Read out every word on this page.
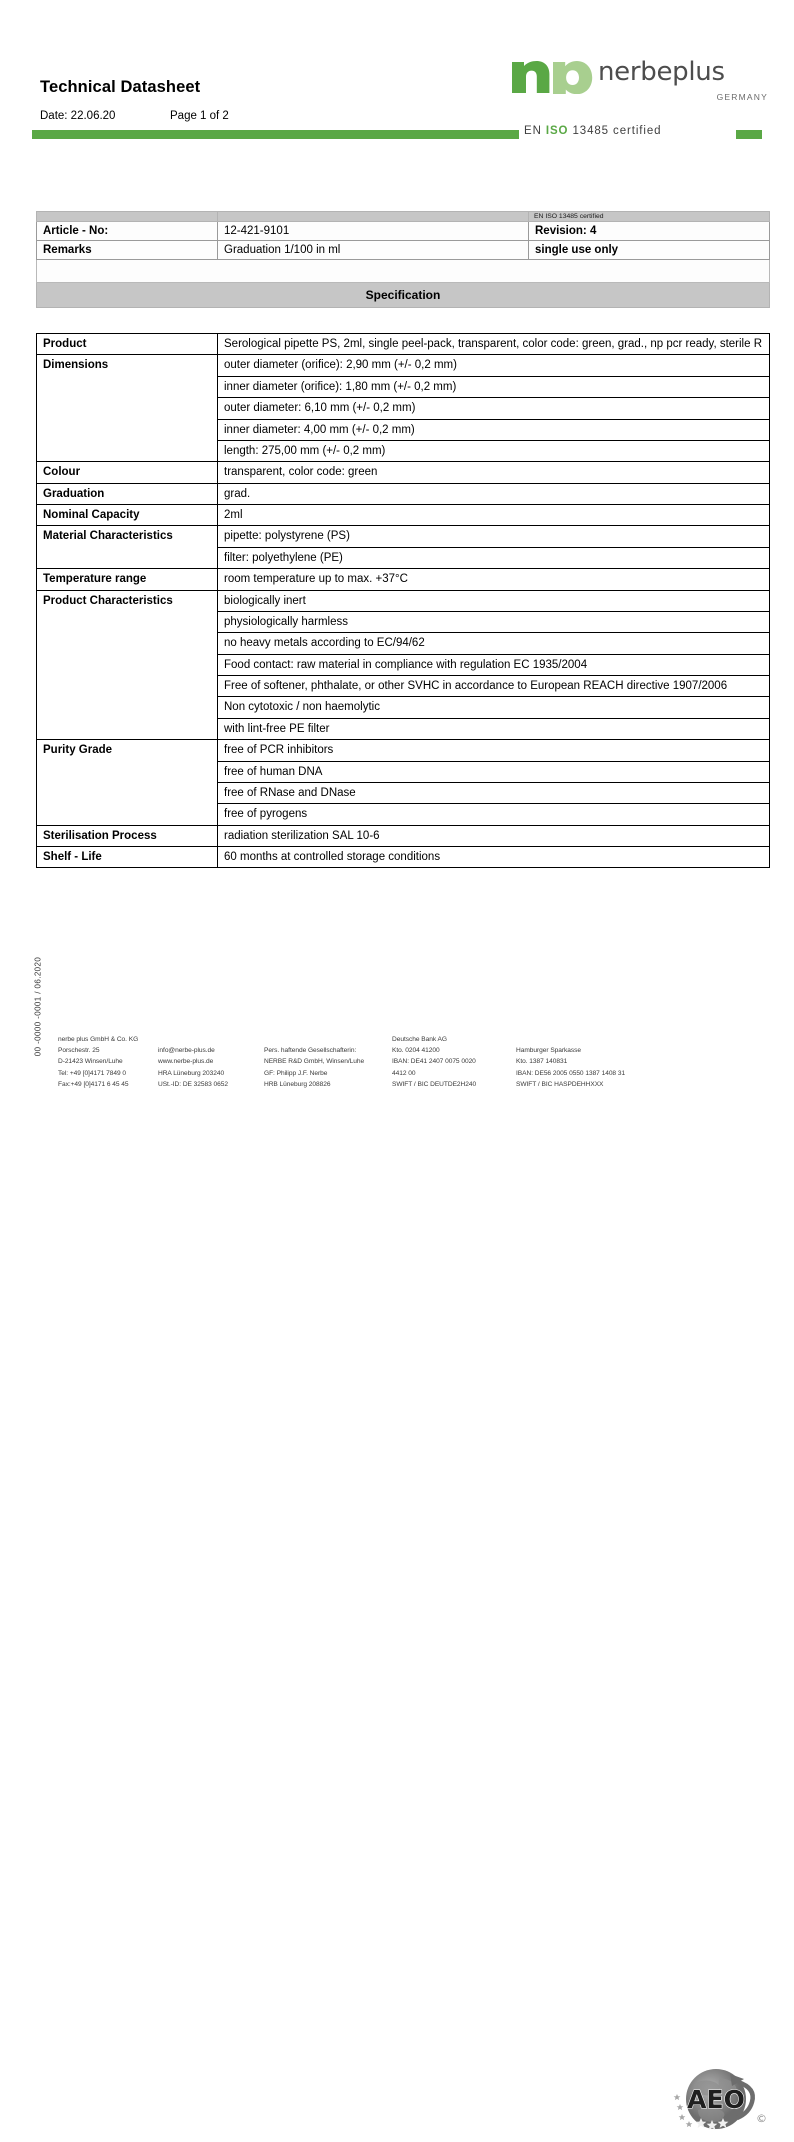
Technical Datasheet
Date: 22.06.20	Page 1 of 2
nerbeplus
GERMANY
EN ISO 13485 certified
		EN ISO 13485 certified
Article - No:	12-421-9101	Revision: 4
Remarks	Graduation 1/100 in ml	single use only

Specification		
Product	Serological pipette PS, 2ml, single peel-pack, transparent, color code: green, grad., np pcr ready, sterile R
Dimensions	outer diameter (orifice): 2,90 mm (+/- 0,2 mm)
	inner diameter (orifice): 1,80 mm (+/- 0,2 mm)
	outer diameter: 6,10 mm (+/- 0,2 mm)
	inner diameter: 4,00 mm (+/- 0,2 mm)
	length: 275,00 mm (+/- 0,2 mm)
Colour	transparent, color code: green
Graduation	grad.
Nominal Capacity	2ml
Material Characteristics	pipette: polystyrene (PS)
	filter: polyethylene (PE)
Temperature range	room temperature up to max. +37°C
Product Characteristics	biologically inert
	physiologically harmless
	no heavy metals according to EC/94/62
	Food contact: raw material in compliance with regulation EC 1935/2004
	Free of softener, phthalate, or other SVHC in accordance to European REACH directive 1907/2006
	Non cytotoxic / non haemolytic
	with lint-free PE filter
Purity Grade	free of PCR inhibitors
	free of human DNA
	free of RNase and DNase
	free of pyrogens
Sterilisation Process	radiation sterilization SAL 10-6
Shelf - Life	60 months at controlled storage conditions
00 -0000 -0001 / 06.2020 nerbe plus GmbH & Co. KG
Porschestr. 25
D-21423 Winsen/Luhe
Tel: +49 [0]4171 7849 0
Fax:+49 [0]4171 6 45 45

info@nerbe-plus.de
www.nerbe-plus.de
HRA Lüneburg 203240
USt.-ID: DE 32583 0652

Pers. haftende Gesellschafterin:
NERBE R&D GmbH, Winsen/Luhe
GF: Philipp J.F. Nerbe
HRB Lüneburg 208826
Deutsche Bank AG
Kto. 0204 41200
IBAN: DE41 2407 0075 0020
4412 00
SWIFT / BIC DEUTDE2H240

Hamburger Sparkasse
Kto. 1387 140831
IBAN: DE56 2005 0550 1387 1408 31
SWIFT / BIC HASPDEHHXXX
AEO
©
